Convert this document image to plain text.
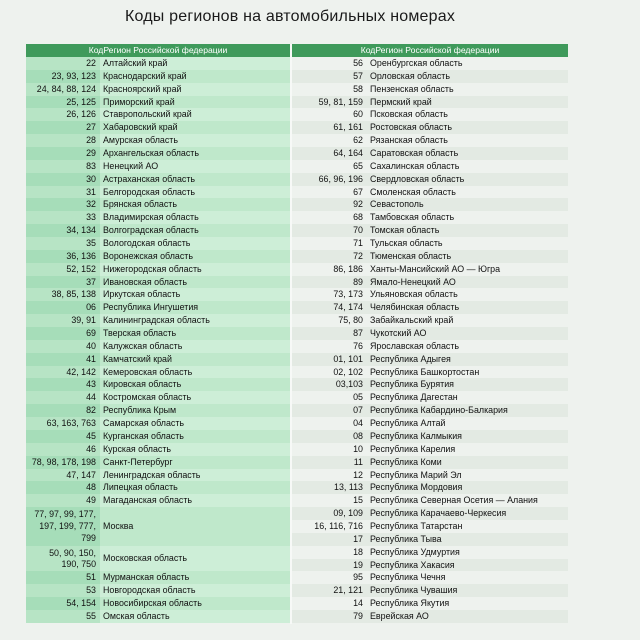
Коды регионов на автомобильных номерах
КодРегион Российской федерации
22	Алтайский край
23, 93, 123	Краснодарский край
24, 84, 88, 124	Красноярский край
25, 125	Приморский край
26, 126	Ставропольский край
27	Хабаровский край
28	Амурская область
29	Архангельская область
83	Ненецкий АО
30	Астраханская область
31	Белгородская область
32	Брянская область
33	Владимирская область
34, 134	Волгоградская область
35	Вологодская область
36, 136	Воронежская область
52, 152	Нижегородская область
37	Ивановская область
38, 85, 138	Иркутская область
06	Республика Ингушетия
39, 91	Калининградская область
69	Тверская область
40	Калужская область
41	Камчатский край
42, 142	Кемеровская область
43	Кировская область
44	Костромская область
82	Республика Крым
63, 163, 763	Самарская область
45	Курганская область
46	Курская область
78, 98, 178, 198	Санкт-Петербург
47, 147	Ленинградская область
48	Липецкая область
49	Магаданская область
77, 97, 99, 177,
197, 199, 777,
799	Москва
50, 90, 150,
190, 750	Московская область
51	Мурманская область
53	Новгородская область
54, 154	Новосибирская область
55	Омская область
КодРегион Российской федерации
56	Оренбургская область
57	Орловская область
58	Пензенская область
59, 81, 159	Пермский край
60	Псковская область
61, 161	Ростовская область
62	Рязанская область
64, 164	Саратовская область
65	Сахалинская область
66, 96, 196	Свердловская область
67	Смоленская область
92	Севастополь
68	Тамбовская область
70	Томская область
71	Тульская область
72	Тюменская область
86, 186	Ханты-Мансийский АО — Югра
89	Ямало-Ненецкий АО
73, 173	Ульяновская область
74, 174	Челябинская область
75, 80	Забайкальский край
87	Чукотский АО
76	Ярославская область
01, 101	Республика Адыгея
02, 102	Республика Башкортостан
03,103	Республика Бурятия
05	Республика Дагестан
07	Республика Кабардино-Балкария
04	Республика Алтай
08	Республика Калмыкия
10	Республика Карелия
11	Республика Коми
12	Республика Марий Эл
13, 113	Республика Мордовия
15	Республика Северная Осетия — Алания
09, 109	Республика Карачаево-Черкесия
16, 116, 716	Республика Татарстан
17	Республика Тыва
18	Республика Удмуртия
19	Республика Хакасия
95	Республика Чечня
21, 121	Республика Чувашия
14	Республика Якутия
79	Еврейская АО
